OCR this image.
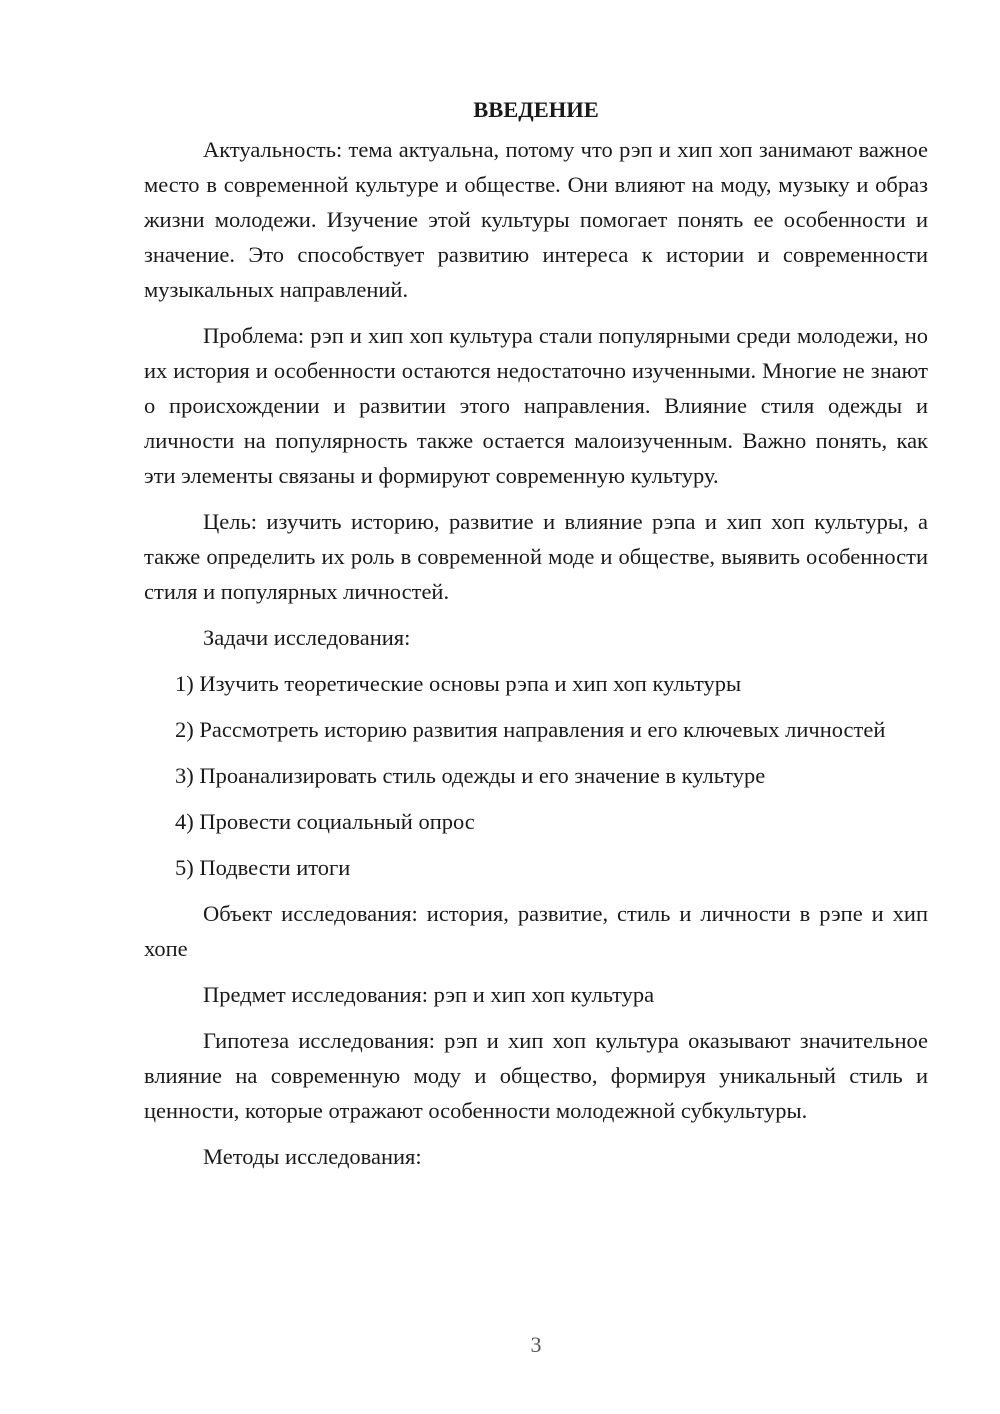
ВВЕДЕНИЕ

Актуальность: тема актуальна, потому что рэп и хип хоп занимают важное место в современной культуре и обществе. Они влияют на моду, музыку и образ жизни молодежи. Изучение этой культуры помогает понять ее особенности и значение. Это способствует развитию интереса к истории и современности музыкальных направлений.

Проблема: рэп и хип хоп культура стали популярными среди молодежи, но их история и особенности остаются недостаточно изученными. Многие не знают о происхождении и развитии этого направления. Влияние стиля одежды и личности на популярность также остается малоизученным. Важно понять, как эти элементы связаны и формируют современную культуру.

Цель: изучить историю, развитие и влияние рэпа и хип хоп культуры, а также определить их роль в современной моде и обществе, выявить особенности стиля и популярных личностей.

Задачи исследования:

1) Изучить теоретические основы рэпа и хип хоп культуры

2) Рассмотреть историю развития направления и его ключевых личностей

3) Проанализировать стиль одежды и его значение в культуре

4) Провести социальный опрос

5) Подвести итоги

Объект исследования: история, развитие, стиль и личности в рэпе и хип хопе

Предмет исследования: рэп и хип хоп культура

Гипотеза исследования: рэп и хип хоп культура оказывают значительное влияние на современную моду и общество, формируя уникальный стиль и ценности, которые отражают особенности молодежной субкультуры.

Методы исследования:

3
